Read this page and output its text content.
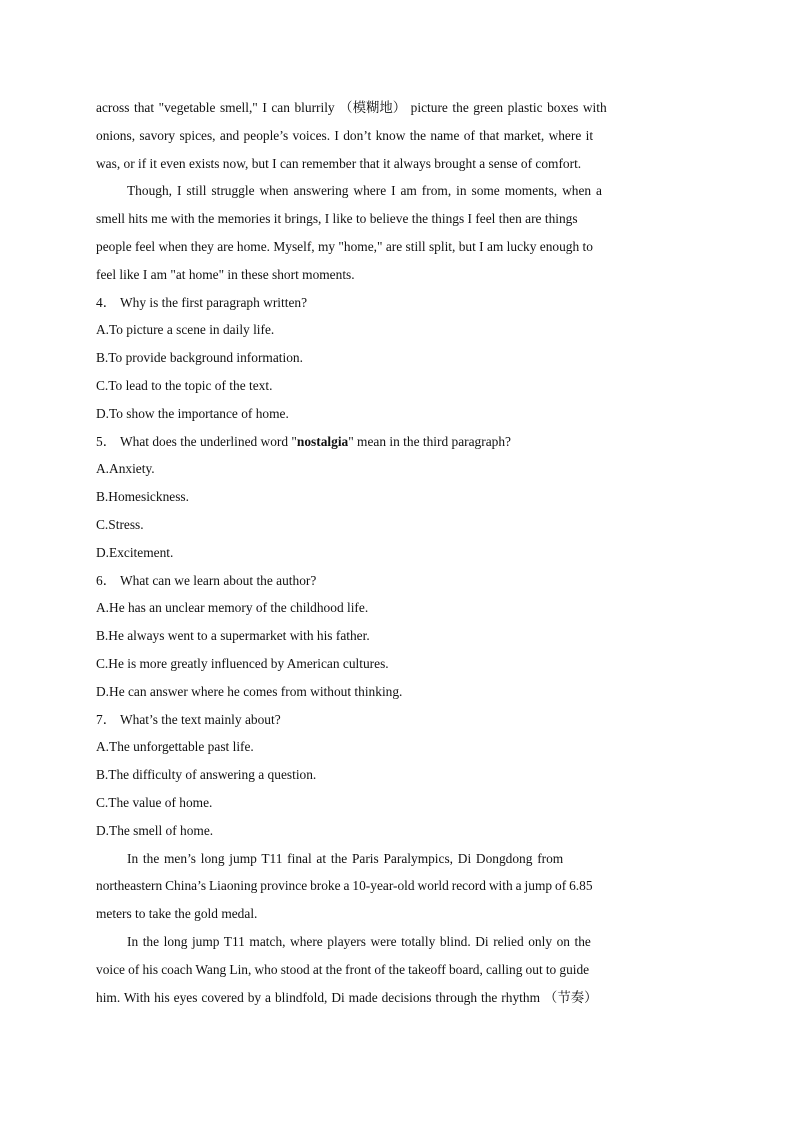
across that "vegetable smell," I can blurrily （模糊地） picture the green plastic boxes with
onions, savory spices, and people’s voices. I don’t know the name of that market, where it
was, or if it even exists now, but I can remember that it always brought a sense of comfort.
Though, I still struggle when answering where I am from, in some moments, when a
smell hits me with the memories it brings, I like to believe the things I feel then are things
people feel when they are home. Myself, my "home," are still split, but I am lucky enough to
feel like I am "at home" in these short moments.
4． Why is the first paragraph written?
A.To picture a scene in daily life.
B.To provide background information.
C.To lead to the topic of the text.
D.To show the importance of home.
5． What does the underlined word "nostalgia" mean in the third paragraph?
A.Anxiety.
B.Homesickness.
C.Stress.
D.Excitement.
6． What can we learn about the author?
A.He has an unclear memory of the childhood life.
B.He always went to a supermarket with his father.
C.He is more greatly influenced by American cultures.
D.He can answer where he comes from without thinking.
7． What’s the text mainly about?
A.The unforgettable past life.
B.The difficulty of answering a question.
C.The value of home.
D.The smell of home.
In the men’s long jump T11 final at the Paris Paralympics, Di Dongdong from
northeastern China’s Liaoning province broke a 10-year-old world record with a jump of 6.85
meters to take the gold medal.
In the long jump T11 match, where players were totally blind. Di relied only on the
voice of his coach Wang Lin, who stood at the front of the takeoff board, calling out to guide
him. With his eyes covered by a blindfold, Di made decisions through the rhythm （节奏）
